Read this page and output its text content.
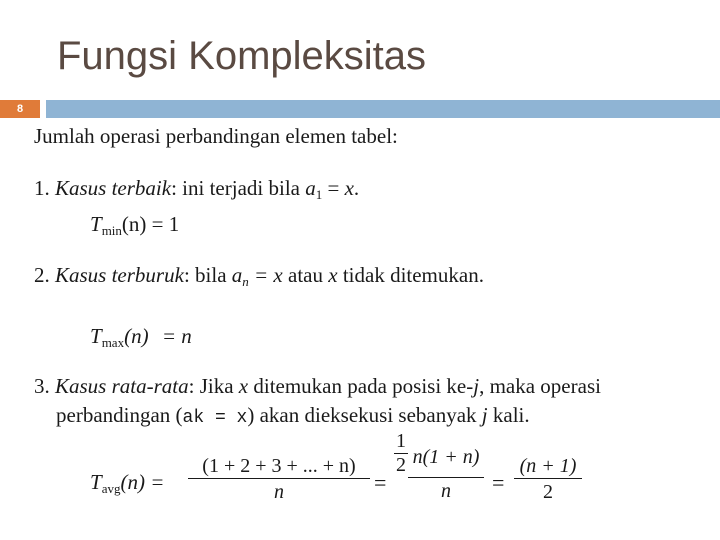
Fungsi Kompleksitas
8
Jumlah operasi perbandingan elemen tabel:
1. Kasus terbaik: ini terjadi bila a1 = x.
Tmin(n) = 1
2. Kasus terburuk: bila an = x atau x tidak ditemukan.
Tmax(n) = n
3. Kasus rata-rata: Jika x ditemukan pada posisi ke-j, maka operasi
perbandingan (ak = x) akan dieksekusi sebanyak j kali.
Tavg(n) = $\frac{(1 + 2 + 3 + ... + n)}{n}$ =
$\frac{1}{2} \frac{n(1 + n)}{n} = \frac{(n + 1)}{2}$
